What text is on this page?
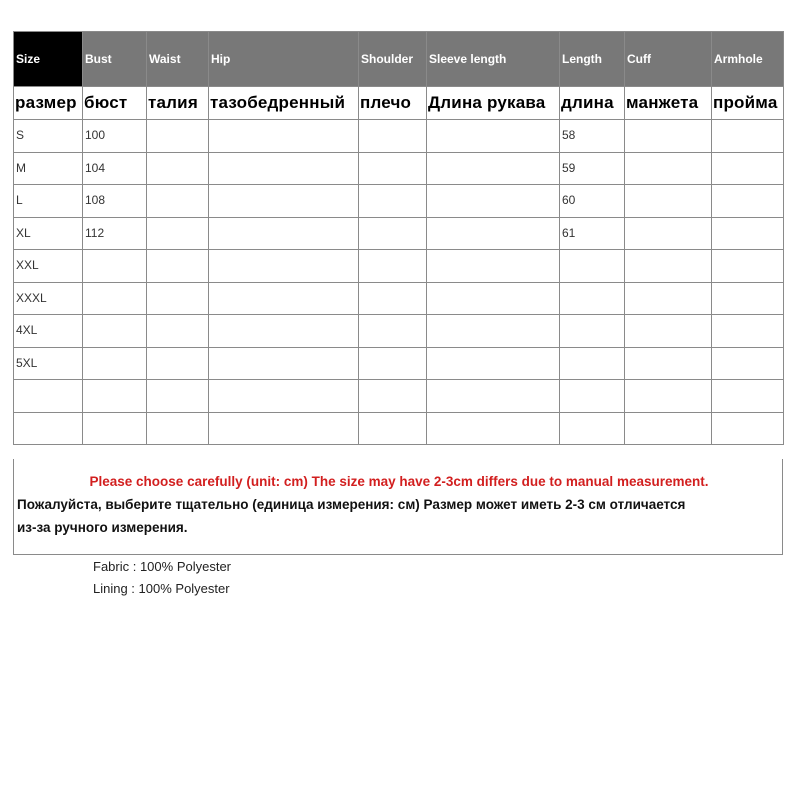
Size	Bust	Waist	Hip	Shoulder	Sleeve length	Length	Cuff	Armhole
размер	бюст	талия	тазобедренный	плечо	Длина рукава	длина	манжета	пройма
S	100					58		
M	104					59		
L	108					60		
XL	112					61		
XXL								
XXXL								
4XL								
5XL								

Please choose carefully (unit: cm) The size may have 2-3cm differs due to manual measurement.
Пожалуйста, выберите тщательно (единица измерения: см) Размер может иметь 2-3 см отличается
из-за ручного измерения.
Fabric : 100% Polyester
Lining : 100% Polyester
